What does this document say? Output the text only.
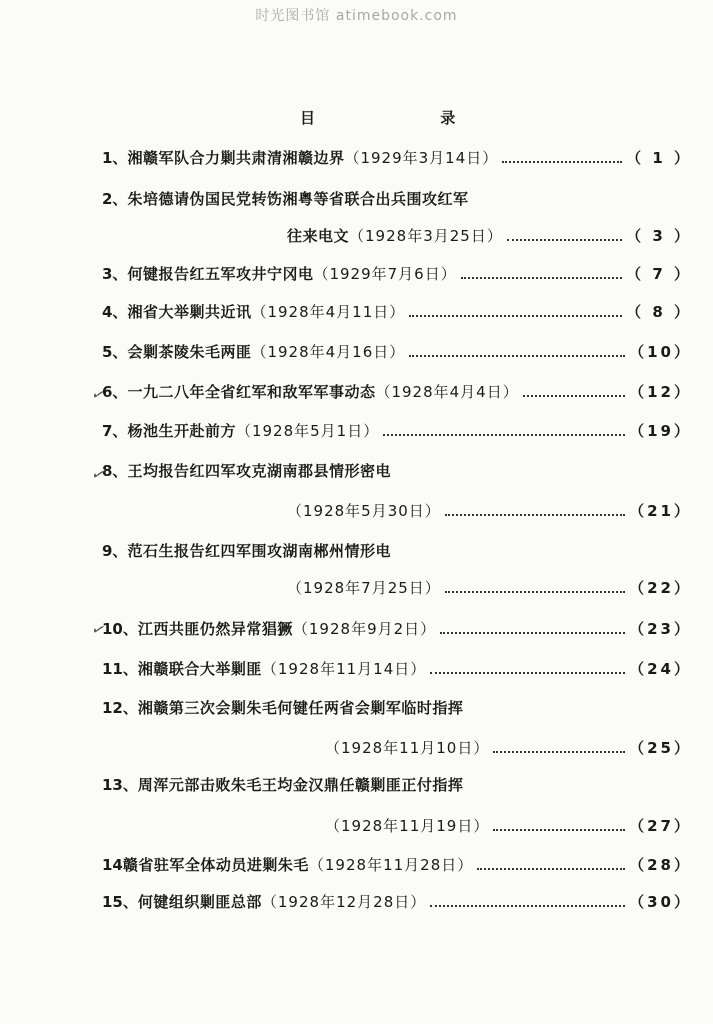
时光图书馆 atimebook.com
目 录
✓
✓
✓
1、 湘赣军队合力剿共肃清湘赣边界 （1929年3月14日）	（ 1 ）
2、 朱培德请伪国民党转饬湘粤等省联合出兵围攻红军
往来电文 （1928年3月25日）	（ 3 ）
3、 何键报告红五军攻井宁冈电 （1929年7月6日）	（ 7 ）
4、 湘省大举剿共近讯 （1928年4月11日）	（ 8 ）
5、 会剿茶陵朱毛两匪 （1928年4月16日）	（10）
6、 一九二八年全省红军和敌军军事动态 （1928年4月4日）	（12）
7、 杨池生开赴前方 （1928年5月1日）	（19）
8、 王均报告红四军攻克湖南郡县情形密电
（1928年5月30日）	（21）
9、 范石生报告红四军围攻湖南郴州情形电
（1928年7月25日）	（22）
10、 江西共匪仍然异常猖獗 （1928年9月2日）	（23）
11、 湘赣联合大举剿匪 （1928年11月14日）	（24）
12、 湘赣第三次会剿朱毛何键任两省会剿军临时指挥
（1928年11月10日）	（25）
13、 周浑元部击败朱毛王均金汉鼎任赣剿匪正付指挥
（1928年11月19日）	（27）
14 赣省驻军全体动员进剿朱毛 （1928年11月28日）	（28）
15、 何键组织剿匪总部 （1928年12月28日）	（30）
